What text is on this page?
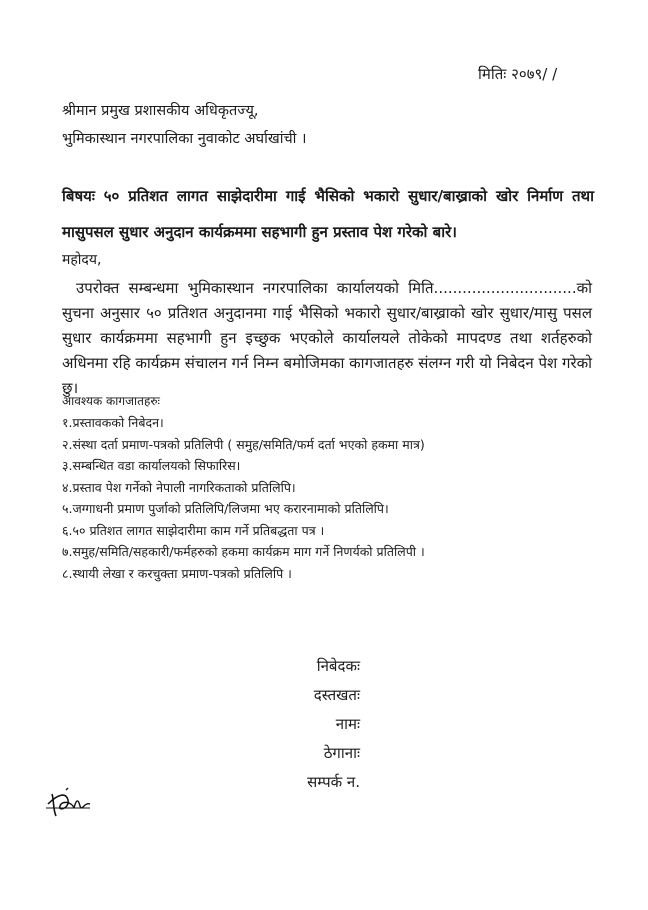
मितिः २०७९/ /
श्रीमान प्रमुख प्रशासकीय अधिकृतज्यू,
भुमिकास्थान नगरपालिका नुवाकोट अर्घाखांची ।
बिषयः ५० प्रतिशत लागत साझेदारीमा गाई भैसिको भकारो सुधार/बाख्राको खोर निर्माण तथा मासुपसल सुधार अनुदान कार्यक्रममा सहभागी हुन प्रस्ताव पेश गरेको बारे।
महोदय,
उपरोक्त सम्बन्धमा भुमिकास्थान नगरपालिका कार्यालयको मिति..............................को सुचना अनुसार ५० प्रतिशत अनुदानमा गाई भैसिको भकारो सुधार/बाख्राको खोर सुधार/मासु पसल सुधार कार्यक्रममा सहभागी हुन इच्छुक भएकोले कार्यालयले तोकेको मापदण्ड तथा शर्तहरुको अधिनमा रहि कार्यक्रम संचालन गर्न निम्न बमोजिमका कागजातहरु संलग्न गरी यो निबेदन पेश गरेको छु।
आवश्यक कागजातहरुः
१.प्रस्तावकको निबेदन।
२.संस्था दर्ता प्रमाण-पत्रको प्रतिलिपी ( समुह/समिति/फर्म दर्ता भएको हकमा मात्र)
३.सम्बन्धित वडा कार्यालयको सिफारिस।
४.प्रस्ताव पेश गर्नेको नेपाली नागरिकताको प्रतिलिपि।
५.जग्गाधनी प्रमाण पुर्जाको प्रतिलिपि/लिजमा भए करारनामाको प्रतिलिपि।
६.५० प्रतिशत लागत साझेदारीमा काम गर्ने प्रतिबद्धता पत्र ।
७.समुह/समिति/सहकारी/फर्महरुको हकमा कार्यक्रम माग गर्ने निणर्यको प्रतिलिपी ।
८.स्थायी लेखा र करचुक्ता प्रमाण-पत्रको प्रतिलिपि ।
निबेदकः
दस्तखतः
नामः
ठेगानाः
सम्पर्क न.
